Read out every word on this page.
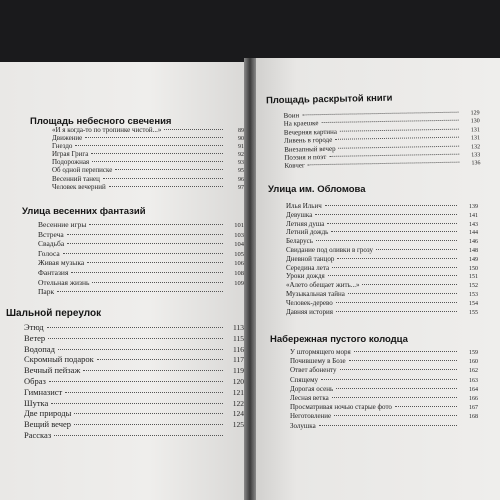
Площадь небесного свечения
«И я когда-то по тропинке чистой...»	89
Движение	90
Гнездо	91
Играя Грига	92
Подорожная	93
Об одной переписке	95
Весенний танец	96
Человек вечерний	97
Улица весенних фантазий
Весенние игры	101
Встреча	103
Свадьба	104
Голоса	105
Живая музыка	106
Фантазия	108
Отельная жизнь	109
Парк
Шальной переулок
Этюд	113
Ветер	115
Водопад	116
Скромный подарок	117
Вечный пейзаж	119
Образ	120
Гимназист	121
Шутка	122
Две природы	124
Вещий вечер	125
Рассказ
Площадь раскрытой книги
Воин	129
На краешке	130
Вечерняя картина	131
Ливень в городе	131
Внезапный вечер	132
Поэзия и поэт	133
Ковчег	136
Улица им. Обломова
Илья Ильич	139
Девушка	141
Летняя душа	143
Летний дождь	144
Беларусь	146
Свидание под оливки в грозу	148
Дневной танцор	149
Середина лета	150
Уроки дождя	151
«Алето обещает жить...»	152
Музыкальная тайна	153
Человек-дерево	154
Давняя история	155
Набережная пустого колодца
У штормящего моря	159
Почившему в Бозе	160
Ответ абоненту	162
Спящему	163
Дорогая осень	164
Лесная ветка	166
Просматривая ночью старые фото	167
Неготовление	168
Золушка
